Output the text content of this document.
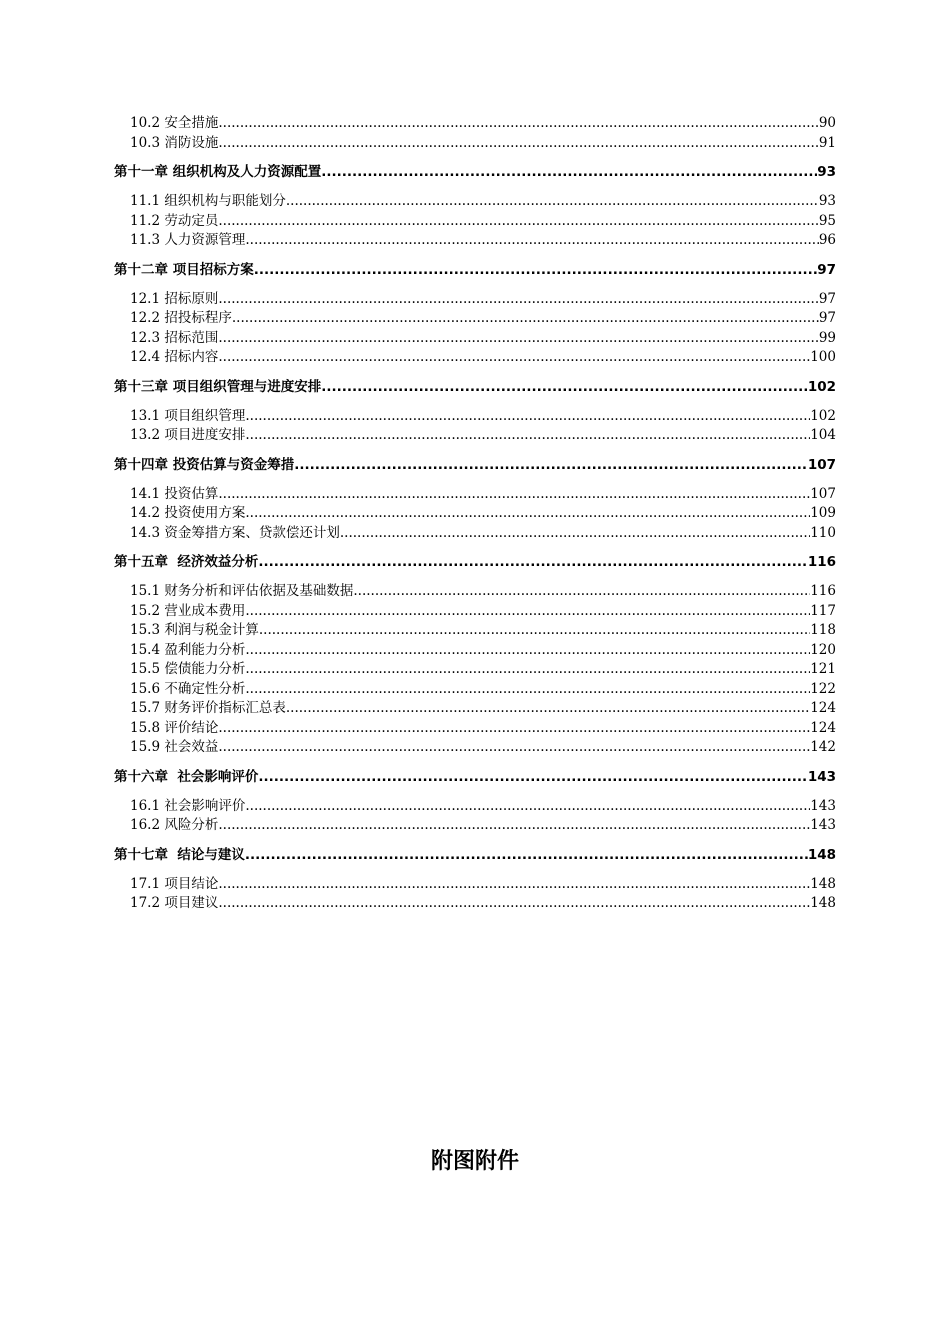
10.2 安全措施 .....	90
10.3 消防设施 .....	91
第十一章 组织机构及人力资源配置 .....	93
11.1 组织机构与职能划分 .....	93
11.2 劳动定员 .....	95
11.3 人力资源管理 .....	96
第十二章 项目招标方案 .....	97
12.1 招标原则 .....	97
12.2 招投标程序 .....	97
12.3 招标范围 .....	99
12.4 招标内容 .....	100
第十三章 项目组织管理与进度安排 .....	102
13.1 项目组织管理 .....	102
13.2 项目进度安排 .....	104
第十四章 投资估算与资金筹措 .....	107
14.1 投资估算 .....	107
14.2 投资使用方案 .....	109
14.3 资金筹措方案、贷款偿还计划 .....	110
第十五章  经济效益分析 .....	116
15.1 财务分析和评估依据及基础数据 .....	116
15.2 营业成本费用 .....	117
15.3 利润与税金计算 .....	118
15.4 盈利能力分析 .....	120
15.5 偿债能力分析 .....	121
15.6 不确定性分析 .....	122
15.7 财务评价指标汇总表 .....	124
15.8 评价结论 .....	124
15.9 社会效益 .....	142
第十六章  社会影响评价 .....	143
16.1 社会影响评价 .....	143
16.2 风险分析 .....	143
第十七章  结论与建议 .....	148
17.1 项目结论 .....	148
17.2 项目建议 .....	148
附图附件
